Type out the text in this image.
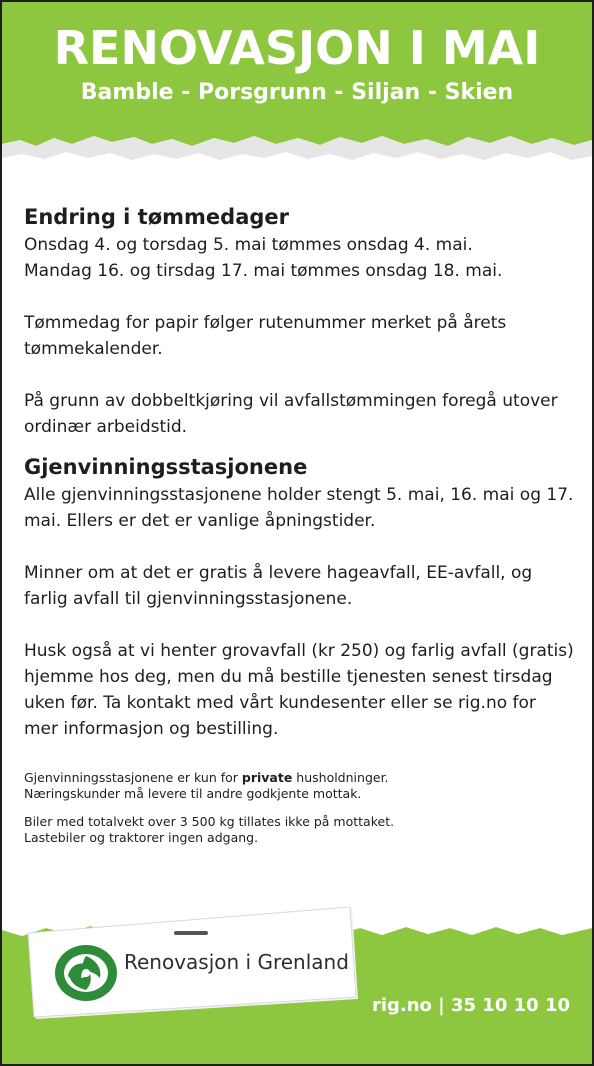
RENOVASJON I MAI
Bamble - Porsgrunn - Siljan - Skien
Endring i tømmedager

Onsdag 4. og torsdag 5. mai tømmes onsdag 4. mai.

Mandag 16. og tirsdag 17. mai tømmes onsdag 18. mai.

Tømmedag for papir følger rutenummer merket på årets tømmekalender.

På grunn av dobbeltkjøring vil avfallstømmingen foregå utover ordinær arbeidstid.

Gjenvinningsstasjonene

Alle gjenvinningsstasjonene holder stengt 5. mai, 16. mai og 17. mai. Ellers er det er vanlige åpningstider.

Minner om at det er gratis å levere hageavfall, EE-avfall, og farlig avfall til gjenvinningsstasjonene.

Husk også at vi henter grovavfall (kr 250) og farlig avfall (gratis) hjemme hos deg, men du må bestille tjenesten senest tirsdag uken før. Ta kontakt med vårt kundesenter eller se rig.no for mer informasjon og bestilling.

Gjenvinningsstasjonene er kun for private husholdninger.

Næringskunder må levere til andre godkjente mottak.

Biler med totalvekt over 3 500 kg tillates ikke på mottaket.

Lastebiler og traktorer ingen adgang.

Renovasjon i Grenland
rig.no | 35 10 10 10
